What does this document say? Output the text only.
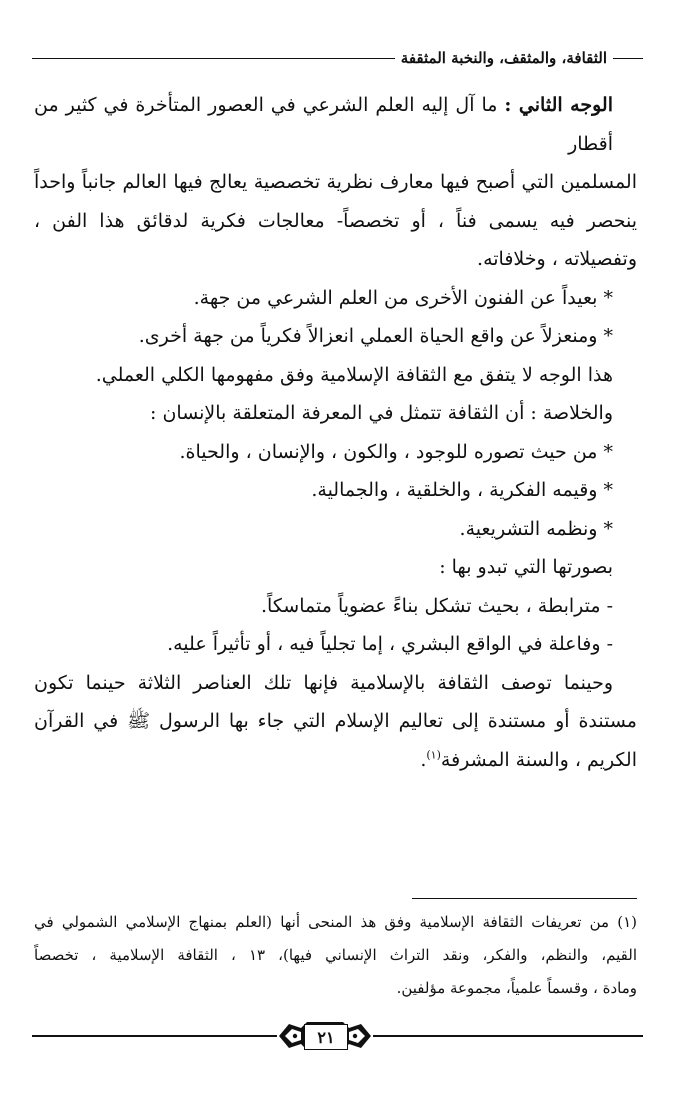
الثقافة، والمثقف، والنخبة المثقفة

الوجه الثاني : ما آل إليه العلم الشرعي في العصور المتأخرة في كثير من أقطار

المسلمين التي أصبح فيها معارف نظرية تخصصية يعالج فيها العالم جانباً واحداً

ينحصر فيه يسمى فناً ، أو تخصصاً- معالجات فكرية لدقائق هذا الفن ،

وتفصيلاته ، وخلافاته.

* بعيداً عن الفنون الأخرى من العلم الشرعي من جهة.

* ومنعزلاً عن واقع الحياة العملي انعزالاً فكرياً من جهة أخرى.

هذا الوجه لا يتفق مع الثقافة الإسلامية وفق مفهومها الكلي العملي.

والخلاصة : أن الثقافة تتمثل في المعرفة المتعلقة بالإنسان :

* من حيث تصوره للوجود ، والكون ، والإنسان ، والحياة.

* وقيمه الفكرية ، والخلقية ، والجمالية.

* ونظمه التشريعية.

بصورتها التي تبدو بها :

- مترابطة ، بحيث تشكل بناءً عضوياً متماسكاً.

- وفاعلة في الواقع البشري ، إما تجلياً فيه ، أو تأثيراً عليه.

وحينما توصف الثقافة بالإسلامية فإنها تلك العناصر الثلاثة حينما تكون

مستندة أو مستندة إلى تعاليم الإسلام التي جاء بها الرسول ﷺ في القرآن

الكريم ، والسنة المشرفة$^{(١)}$.

(١) من تعريفات الثقافة الإسلامية وفق هذ المنحى أنها (العلم بمنهاج الإسلامي الشمولي في

القيم، والنظم، والفكر، ونقد التراث الإنساني فيها)، ١٣ ، الثقافة الإسلامية ، تخصصاً

ومادة ، وقسماً علمياً، مجموعة مؤلفين.

٢١
